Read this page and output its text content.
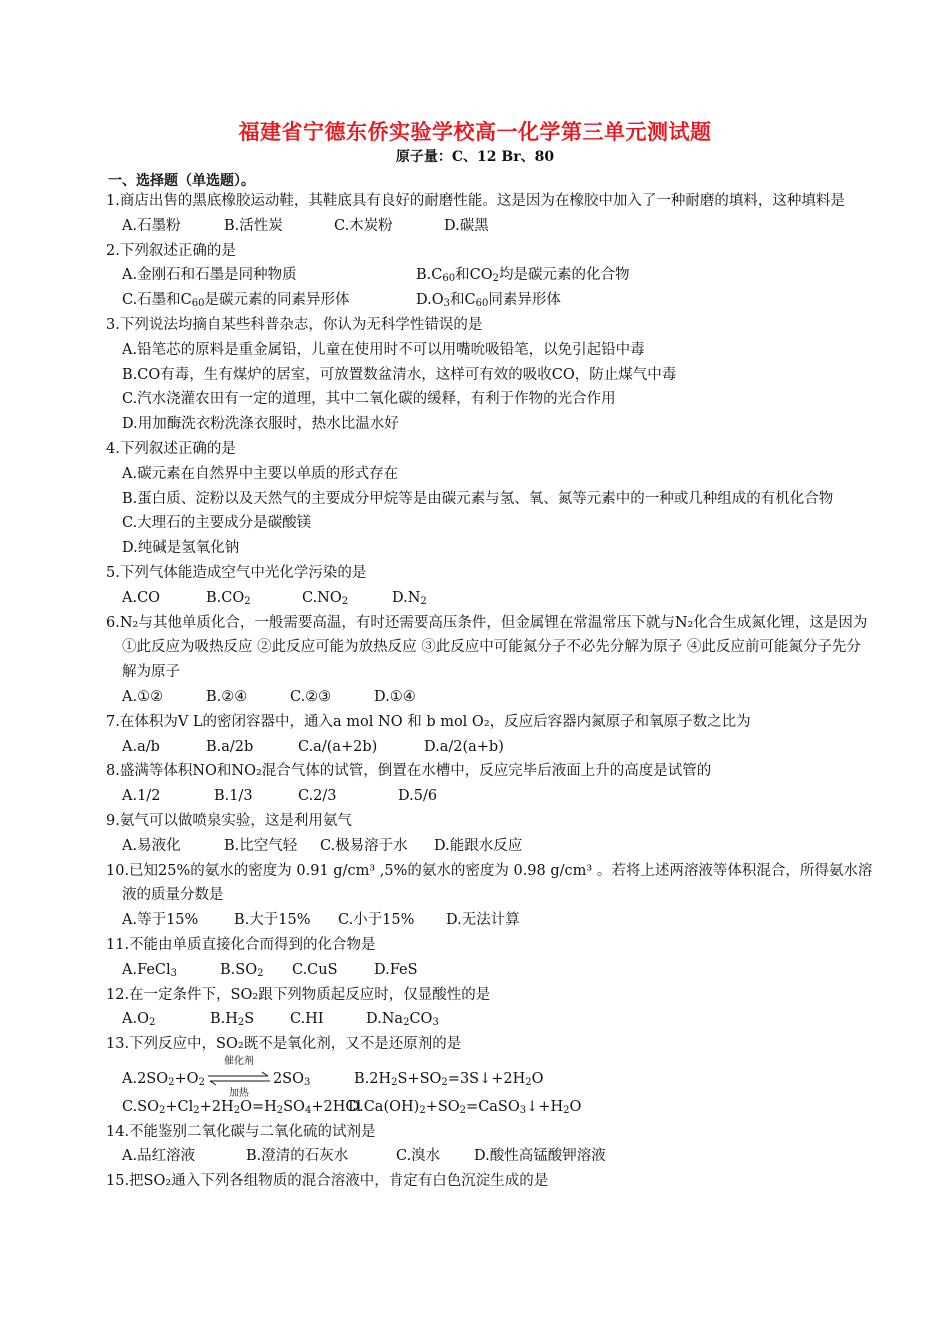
福建省宁德东侨实验学校高一化学第三单元测试题
原子量：C、12 Br、80
一、选择题（单选题）。
1.商店出售的黑底橡胶运动鞋，其鞋底具有良好的耐磨性能。这是因为在橡胶中加入了一种耐磨的填料，这种填料是
A.石墨粉	B.活性炭	C.木炭粉	D.碳黑
2.下列叙述正确的是
A.金刚石和石墨是同种物质	$B.C_{60}$和$CO_2$均是碳元素的化合物
C.石墨和$C_{60}$是碳元素的同素异形体	$D.O_3$和$C_{60}$同素异形体
3.下列说法均摘自某些科普杂志，你认为无科学性错误的是
A.铅笔芯的原料是重金属铅，儿童在使用时不可以用嘴吮吸铅笔，以免引起铅中毒
B.CO有毒，生有煤炉的居室，可放置数盆清水，这样可有效的吸收CO，防止煤气中毒
C.汽水浇灌农田有一定的道理，其中二氧化碳的缓释，有利于作物的光合作用
D.用加酶洗衣粉洗涤衣服时，热水比温水好
4.下列叙述正确的是
A.碳元素在自然界中主要以单质的形式存在
B.蛋白质、淀粉以及天然气的主要成分甲烷等是由碳元素与氢、氧、氮等元素中的一种或几种组成的有机化合物
C.大理石的主要成分是碳酸镁
D.纯碱是氢氧化钠
5.下列气体能造成空气中光化学污染的是
A.CO	$B.CO_2$	$C.NO_2$	$D.N_2$
6.N₂与其他单质化合，一般需要高温，有时还需要高压条件，但金属锂在常温常压下就与N₂化合生成氮化锂，这是因为①此反应为吸热反应 ②此反应可能为放热反应 ③此反应中可能氮分子不必先分解为原子 ④此反应前可能氮分子先分解为原子
A.①②	B.②④	C.②③	D.①④
7.在体积为V L的密闭容器中，通入a mol NO 和 b mol O₂，反应后容器内氮原子和氧原子数之比为
A.a/b	B.a/2b	C.a/(a+2b)	D.a/2(a+b)
8.盛满等体积NO和NO₂混合气体的试管，倒置在水槽中，反应完毕后液面上升的高度是试管的
A.1/2	B.1/3	C.2/3	D.5/6
9.氨气可以做喷泉实验，这是利用氨气
A.易液化	B.比空气轻 C.极易溶于水 D.能跟水反应
10.已知25%的氨水的密度为 0.91 g/cm³ ,5%的氨水的密度为 0.98 g/cm³ 。若将上述两溶液等体积混合，所得氨水溶液的质量分数是
A.等于15% B.大于15% C.小于15% D.无法计算
11.不能由单质直接化合而得到的化合物是
A.FeCl$_3$	$B.SO_2$ C.CuS	D.FeS
12.在一定条件下，SO₂跟下列物质起反应时，仅显酸性的是
$A.O_2$	$B.H_2S$ C.HI	$D.Na_2CO_3$
13.下列反应中，SO₂既不是氧化剂，又不是还原剂的是
$A.2SO_2+O_2$
催化剂
加热
$2SO_3$	$B.2H_2S+SO_2=3S↓+2H_2O$
$C.SO_2+Cl_2+2H_2O=H_2SO_4+2HClD.Ca(OH)_2+SO_2=CaSO_3↓+H_2O$
14.不能鉴别二氧化碳与二氧化硫的试剂是
A.品红溶液	B.澄清的石灰水	C.溴水 D.酸性高锰酸钾溶液
15.把SO₂通入下列各组物质的混合溶液中，肯定有白色沉淀生成的是
